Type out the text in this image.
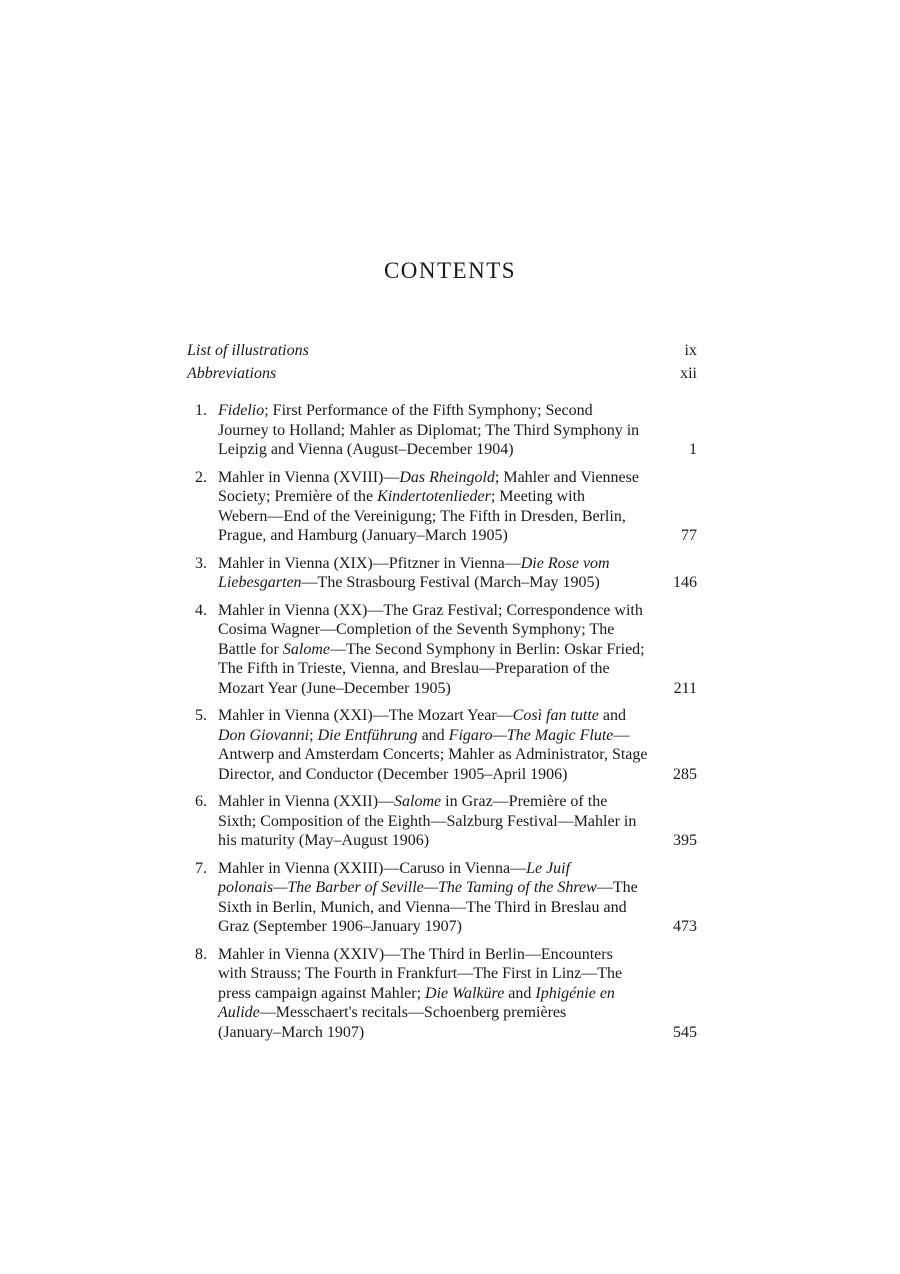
CONTENTS
List of illustrations	ix
Abbreviations	xii
1. Fidelio; First Performance of the Fifth Symphony; Second
Journey to Holland; Mahler as Diplomat; The Third Symphony in
Leipzig and Vienna (August–December 1904)	1
2. Mahler in Vienna (XVIII)—Das Rheingold; Mahler and Viennese
Society; Première of the Kindertotenlieder; Meeting with
Webern—End of the Vereinigung; The Fifth in Dresden, Berlin,
Prague, and Hamburg (January–March 1905)	77
3. Mahler in Vienna (XIX)—Pfitzner in Vienna—Die Rose vom
Liebesgarten—The Strasbourg Festival (March–May 1905)	146
4. Mahler in Vienna (XX)—The Graz Festival; Correspondence with
Cosima Wagner—Completion of the Seventh Symphony; The
Battle for Salome—The Second Symphony in Berlin: Oskar Fried;
The Fifth in Trieste, Vienna, and Breslau—Preparation of the
Mozart Year (June–December 1905)	211
5. Mahler in Vienna (XXI)—The Mozart Year—Così fan tutte and
Don Giovanni; Die Entführung and Figaro—The Magic Flute—
Antwerp and Amsterdam Concerts; Mahler as Administrator, Stage
Director, and Conductor (December 1905–April 1906)	285
6. Mahler in Vienna (XXII)—Salome in Graz—Première of the
Sixth; Composition of the Eighth—Salzburg Festival—Mahler in
his maturity (May–August 1906)	395
7. Mahler in Vienna (XXIII)—Caruso in Vienna—Le Juif
polonais—The Barber of Seville—The Taming of the Shrew—The
Sixth in Berlin, Munich, and Vienna—The Third in Breslau and
Graz (September 1906–January 1907)	473
8. Mahler in Vienna (XXIV)—The Third in Berlin—Encounters
with Strauss; The Fourth in Frankfurt—The First in Linz—The
press campaign against Mahler; Die Walküre and Iphigénie en
Aulide—Messchaert's recitals—Schoenberg premières
(January–March 1907)	545
